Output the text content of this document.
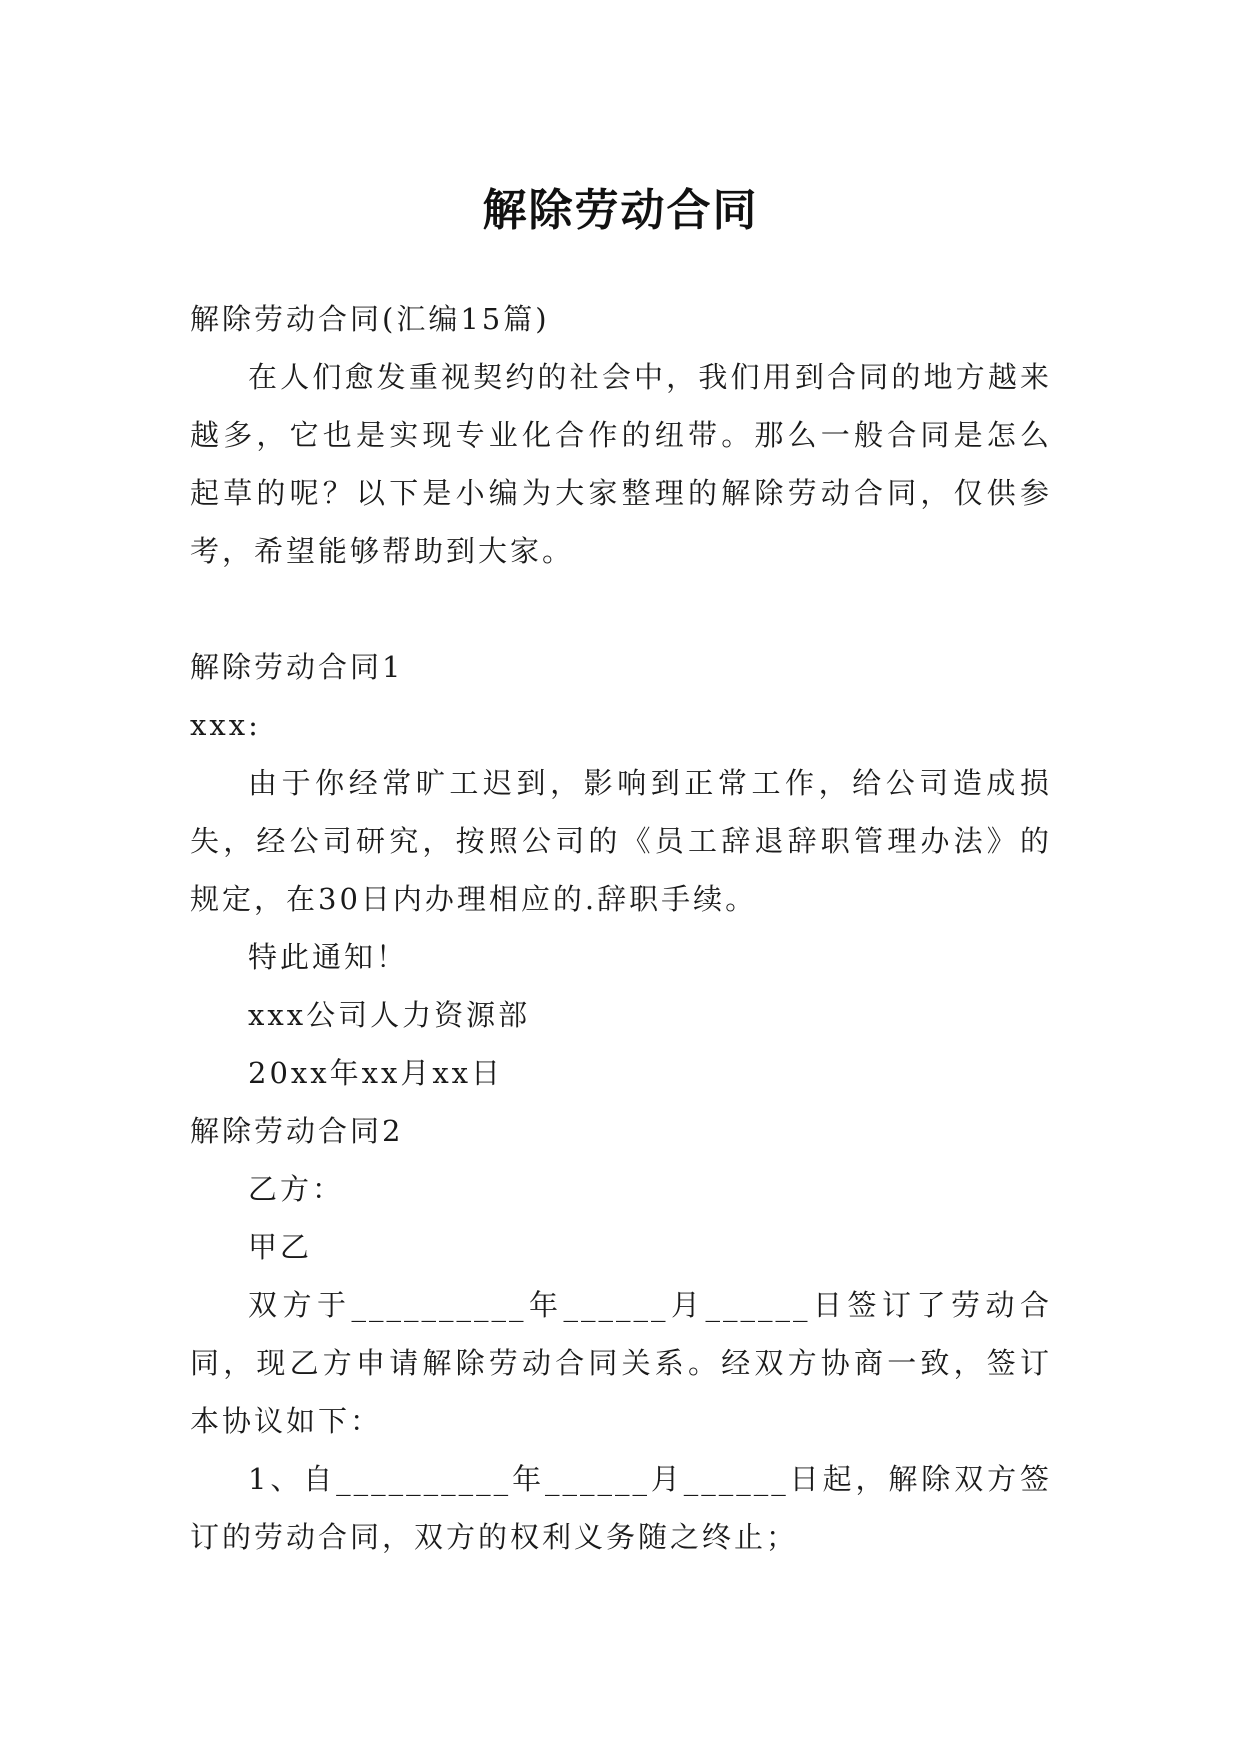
解除劳动合同

解除劳动合同(汇编15篇)

在人们愈发重视契约的社会中，我们用到合同的地方越来越多，它也是实现专业化合作的纽带。那么一般合同是怎么起草的呢？以下是小编为大家整理的解除劳动合同，仅供参考，希望能够帮助到大家。

解除劳动合同1

xxx:

由于你经常旷工迟到，影响到正常工作，给公司造成损失，经公司研究，按照公司的《员工辞退辞职管理办法》的规定，在30日内办理相应的.辞职手续。

特此通知！

xxx公司人力资源部

20xx年xx月xx日

解除劳动合同2

乙方：

甲乙

双方于__________年______月______日签订了劳动合同，现乙方申请解除劳动合同关系。经双方协商一致，签订本协议如下：

1、自__________年______月______日起，解除双方签订的劳动合同，双方的权利义务随之终止；
